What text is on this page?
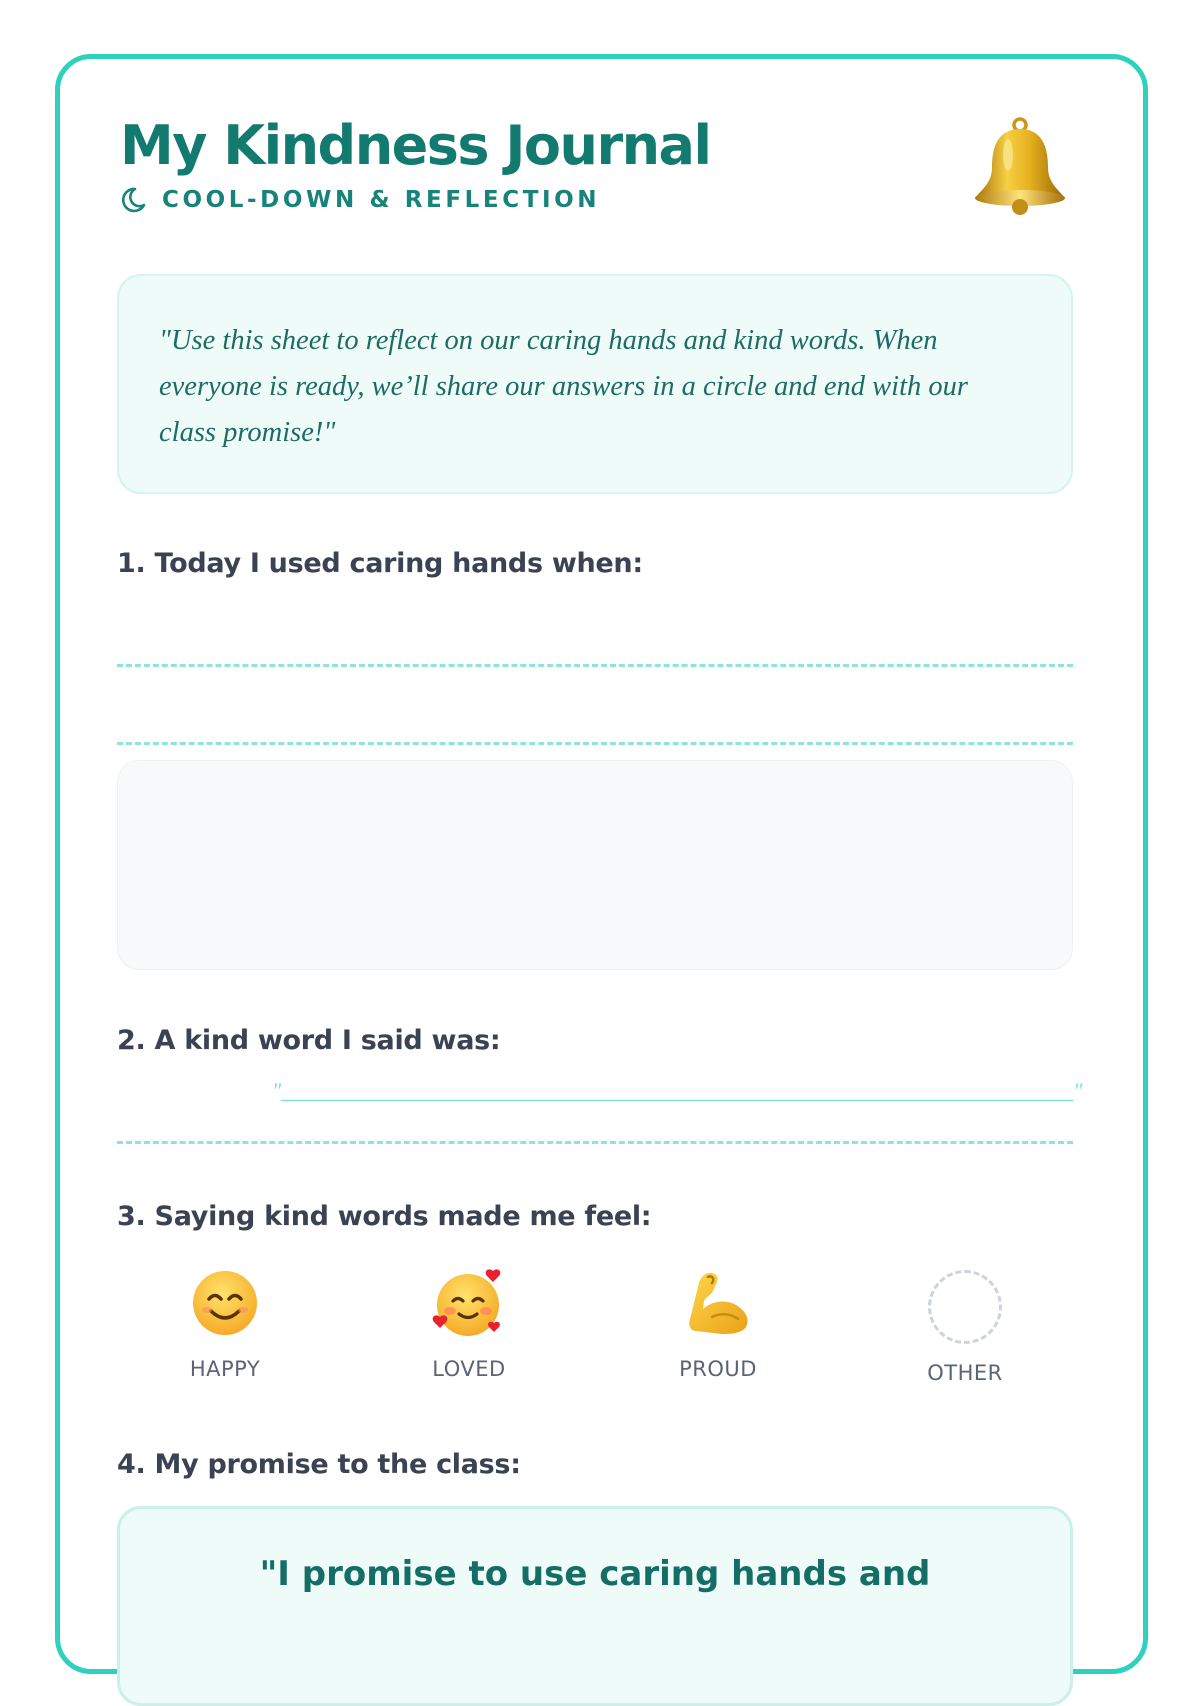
My Kindness Journal
COOL-DOWN & REFLECTION
"Use this sheet to reflect on our caring hands and kind words. When everyone is ready, we’ll share our answers in a circle and end with our class promise!"

1. Today I used caring hands when:

2. A kind word I said was:

"________________________________________________________________________"

3. Saying kind words made me feel:

HAPPY	LOVED	PROUD	OTHER

4. My promise to the class:

"I promise to use caring hands and
